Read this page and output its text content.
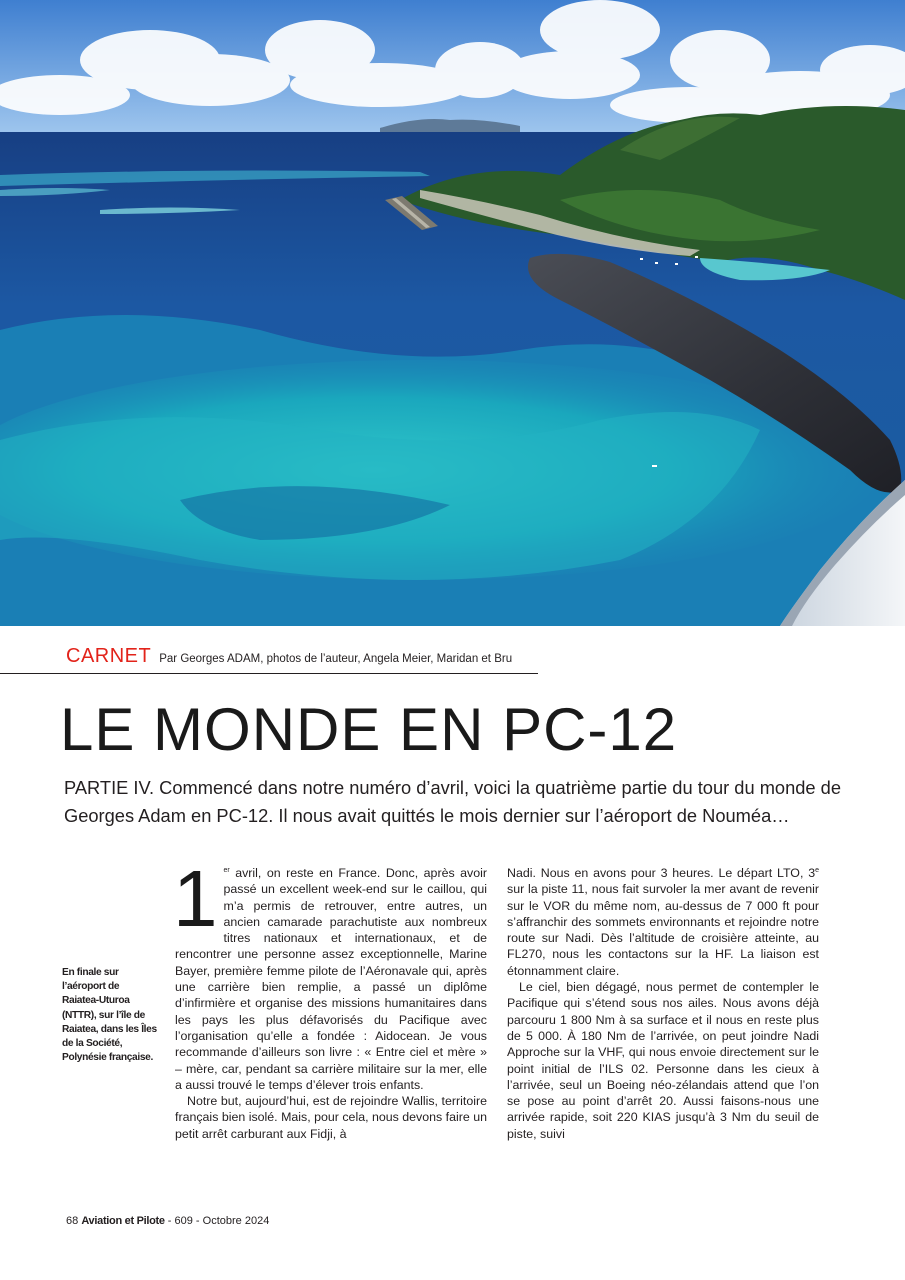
CARNET Par Georges ADAM, photos de l’auteur, Angela Meier, Maridan et Bru
LE MONDE EN PC-12

PARTIE IV. Commencé dans notre numéro d’avril, voici la quatrième partie du tour du monde de Georges Adam en PC-12. Il nous avait quittés le mois dernier sur l’aéroport de Nouméa…

En finale sur l’aéroport de Raiatea-Uturoa (NTTR), sur l’île de Raiatea, dans les Îles de la Société, Polynésie française.

1 $^{er}$ avril, on reste en France. Donc, après avoir passé un excellent week-end sur le caillou, qui m’a permis de retrouver, entre autres, un ancien camarade parachutiste aux nombreux titres nationaux et internationaux, et de rencontrer une personne assez exceptionnelle, Marine Bayer, première femme pilote de l’Aéronavale qui, après une carrière bien remplie, a passé un diplôme d’infirmière et organise des missions humanitaires dans les pays les plus défavorisés du Pacifique avec l’organisation qu’elle a fondée : Aidocean. Je vous recommande d’ailleurs son livre : « Entre ciel et mère » – mère, car, pendant sa carrière militaire sur la mer, elle a aussi trouvé le temps d’élever trois enfants.

Notre but, aujourd’hui, est de rejoindre Wallis, territoire français bien isolé. Mais, pour cela, nous devons faire un petit arrêt carburant aux Fidji, à

Nadi. Nous en avons pour 3 heures. Le départ LTO, 3e sur la piste 11, nous fait survoler la mer avant de revenir sur le VOR du même nom, au-dessus de 7 000 ft pour s’affranchir des sommets environnants et rejoindre notre route sur Nadi. Dès l’altitude de croisière atteinte, au FL270, nous les contactons sur la HF. La liaison est étonnamment claire.

Le ciel, bien dégagé, nous permet de contempler le Pacifique qui s’étend sous nos ailes. Nous avons déjà parcouru 1 800 Nm à sa surface et il nous en reste plus de 5 000. À 180 Nm de l’arrivée, on peut joindre Nadi Approche sur la VHF, qui nous envoie directement sur le point initial de l’ILS 02. Personne dans les cieux à l’arrivée, seul un Boeing néo-zélandais attend que l’on se pose au point d’arrêt 20. Aussi faisons-nous une arrivée rapide, soit 220 KIAS jusqu’à 3 Nm du seuil de piste, suivi

68 Aviation et Pilote - 609 - Octobre 2024
